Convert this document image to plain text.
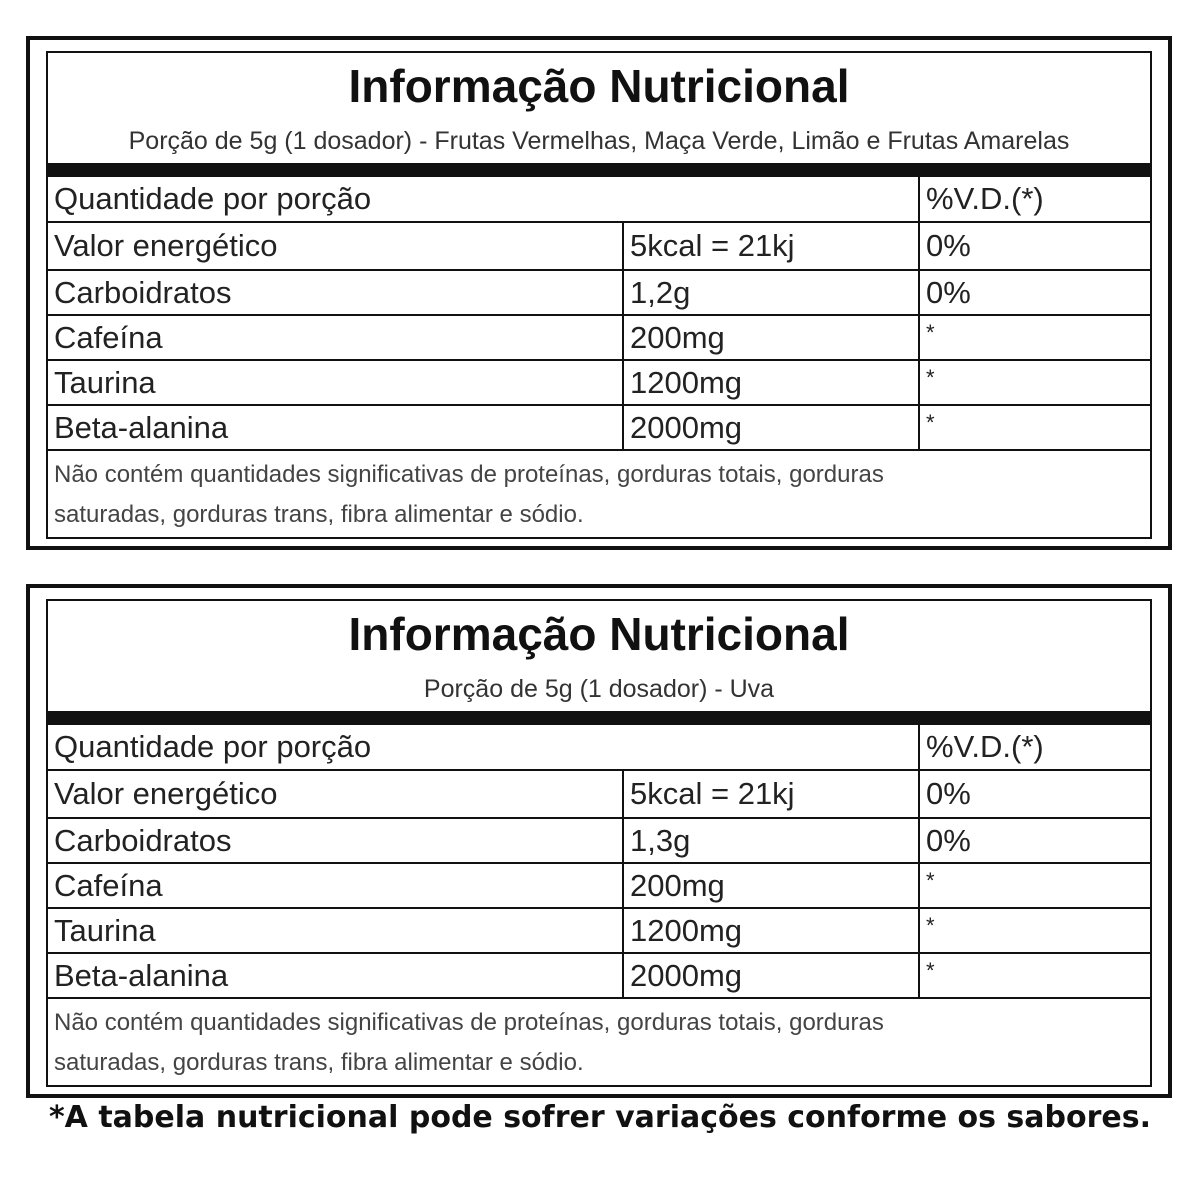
Informação Nutricional
Porção de 5g (1 dosador) - Frutas Vermelhas, Maça Verde, Limão e Frutas Amarelas
Quantidade por porção	%V.D.(*)
Valor energético	5kcal = 21kj	0%
Carboidratos	1,2g	0%
Cafeína	200mg	*
Taurina	1200mg	*
Beta-alanina	2000mg	*
Não contém quantidades significativas de proteínas, gorduras totais, gorduras
saturadas, gorduras trans, fibra alimentar e sódio.
Informação Nutricional
Porção de 5g (1 dosador) - Uva
Quantidade por porção	%V.D.(*)
Valor energético	5kcal = 21kj	0%
Carboidratos	1,3g	0%
Cafeína	200mg	*
Taurina	1200mg	*
Beta-alanina	2000mg	*
Não contém quantidades significativas de proteínas, gorduras totais, gorduras
saturadas, gorduras trans, fibra alimentar e sódio.
*A tabela nutricional pode sofrer variações conforme os sabores.
